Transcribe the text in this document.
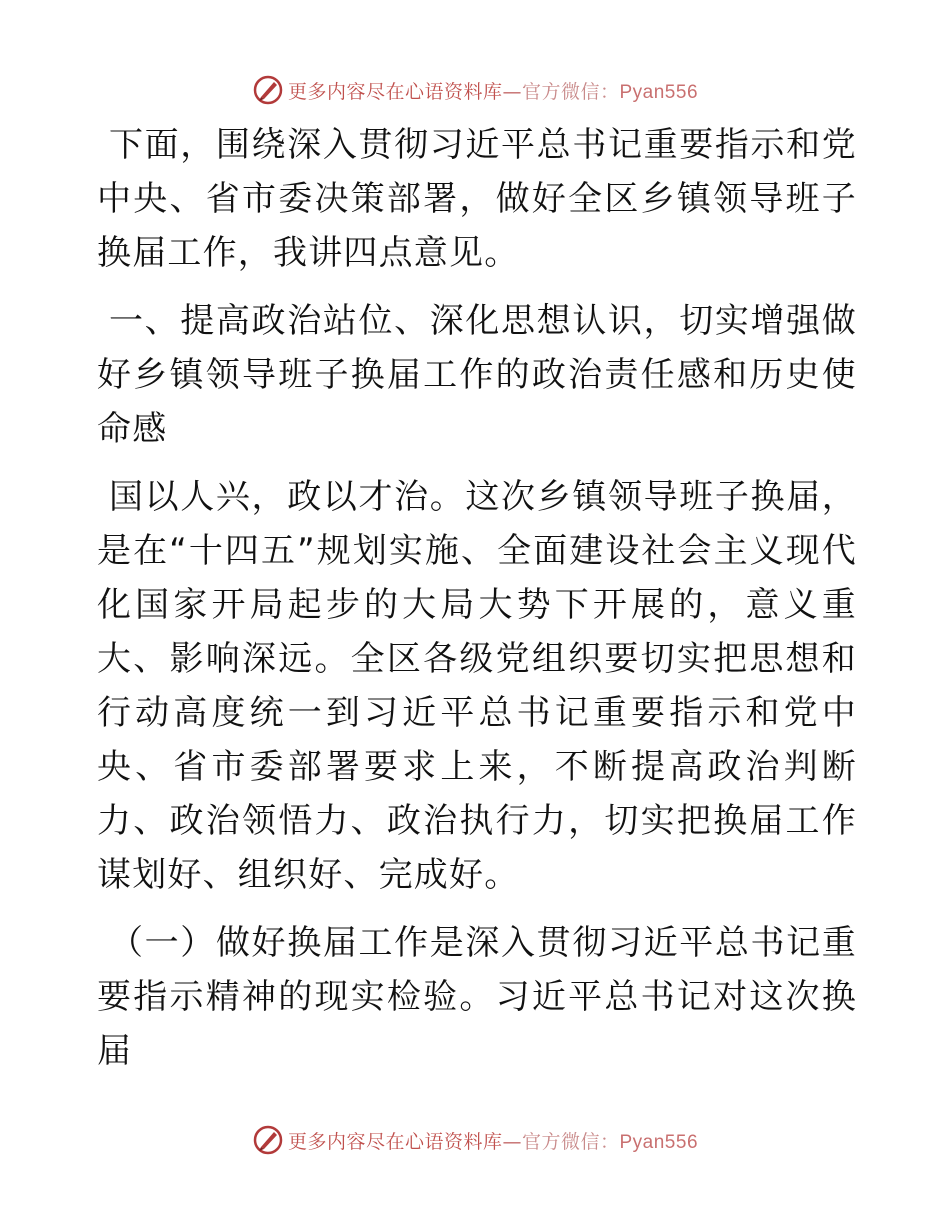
更多内容尽在心语资料库—官方微信：Pyan556

下面，围绕深入贯彻习近平总书记重要指示和党中央、省市委决策部署，做好全区乡镇领导班子换届工作，我讲四点意见。

一、提高政治站位、深化思想认识，切实增强做好乡镇领导班子换届工作的政治责任感和历史使命感

国以人兴，政以才治。这次乡镇领导班子换届，是在“十四五”规划实施、全面建设社会主义现代化国家开局起步的大局大势下开展的，意义重大、影响深远。全区各级党组织要切实把思想和行动高度统一到习近平总书记重要指示和党中央、省市委部署要求上来，不断提高政治判断力、政治领悟力、政治执行力，切实把换届工作谋划好、组织好、完成好。

（一）做好换届工作是深入贯彻习近平总书记重要指示精神的现实检验。习近平总书记对这次换届

更多内容尽在心语资料库—官方微信：Pyan556
